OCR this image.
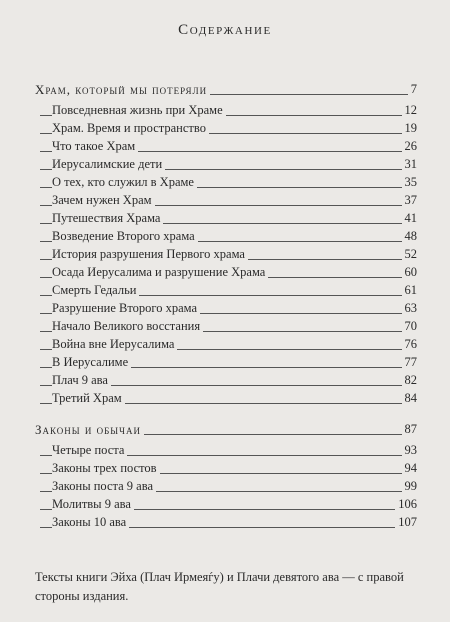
Содержание
Храм, который мы потеряли	7
Повседневная жизнь при Храме	12
Храм. Время и пространство	19
Что такое Храм	26
Иерусалимские дети	31
О тех, кто служил в Храме	35
Зачем нужен Храм	37
Путешествия Храма	41
Возведение Второго храма	48
История разрушения Первого храма	52
Осада Иерусалима и разрушение Храма	60
Смерть Гедальи	61
Разрушение Второго храма	63
Начало Великого восстания	70
Война вне Иерусалима	76
В Иерусалиме	77
Плач 9 ава	82
Третий Храм	84
Законы и обычаи	87
Четыре поста	93
Законы трех постов	94
Законы поста 9 ава	99
Молитвы 9 ава	106
Законы 10 ава	107
Тексты книги Эйха (Плач Ирмеяѓу) и Плачи девятого ава — с правой стороны издания.
